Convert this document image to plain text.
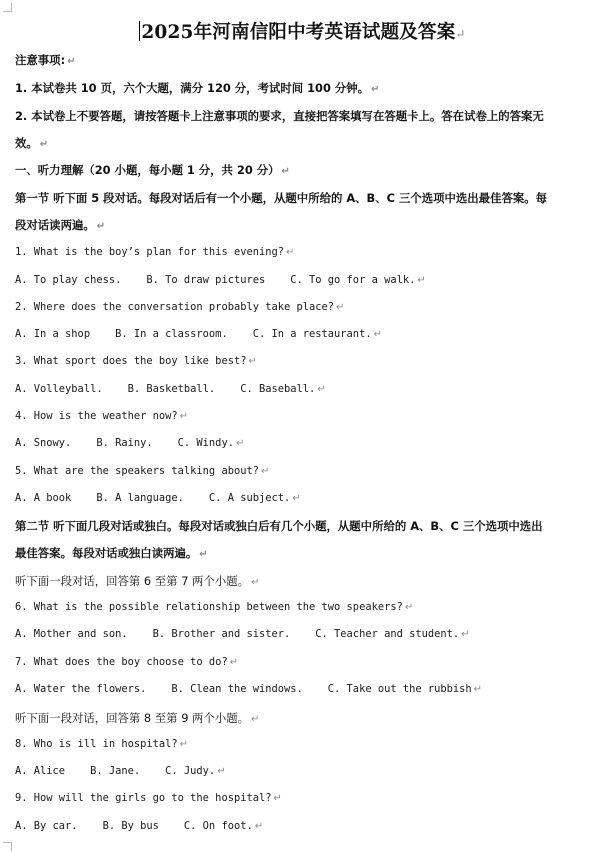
2025年河南信阳中考英语试题及答案↵
注意事项: ↵
1. 本试卷共 10 页，六个大题，满分 120 分，考试时间 100 分钟。 ↵
2. 本试卷上不要答题，请按答题卡上注意事项的要求，直接把答案填写在答题卡上。答在试卷上的答案无
效。 ↵
一、听力理解（20 小题，每小题 1 分，共 20 分） ↵
第一节 听下面 5 段对话。每段对话后有一个小题，从题中所给的 A、B、C 三个选项中选出最佳答案。每
段对话读两遍。 ↵
1. What is the boy’s plan for this evening? ↵
A. To play chess.    B. To draw pictures    C. To go for a walk. ↵
2. Where does the conversation probably take place? ↵
A. In a shop    B. In a classroom.    C. In a restaurant. ↵
3. What sport does the boy like best? ↵
A. Volleyball.    B. Basketball.    C. Baseball. ↵
4. How is the weather now? ↵
A. Snowy.    B. Rainy.    C. Windy. ↵
5. What are the speakers talking about? ↵
A. A book    B. A language.    C. A subject. ↵
第二节 听下面几段对话或独白。每段对话或独白后有几个小题，从题中所给的 A、B、C 三个选项中选出
最佳答案。每段对话或独白读两遍。 ↵
听下面一段对话，回答第 6 至第 7 两个小题。 ↵
6. What is the possible relationship between the two speakers? ↵
A. Mother and son.    B. Brother and sister.    C. Teacher and student. ↵
7. What does the boy choose to do? ↵
A. Water the flowers.    B. Clean the windows.    C. Take out the rubbish ↵
听下面一段对话，回答第 8 至第 9 两个小题。 ↵
8. Who is ill in hospital? ↵
A. Alice    B. Jane.    C. Judy. ↵
9. How will the girls go to the hospital? ↵
A. By car.    B. By bus    C. On foot. ↵
